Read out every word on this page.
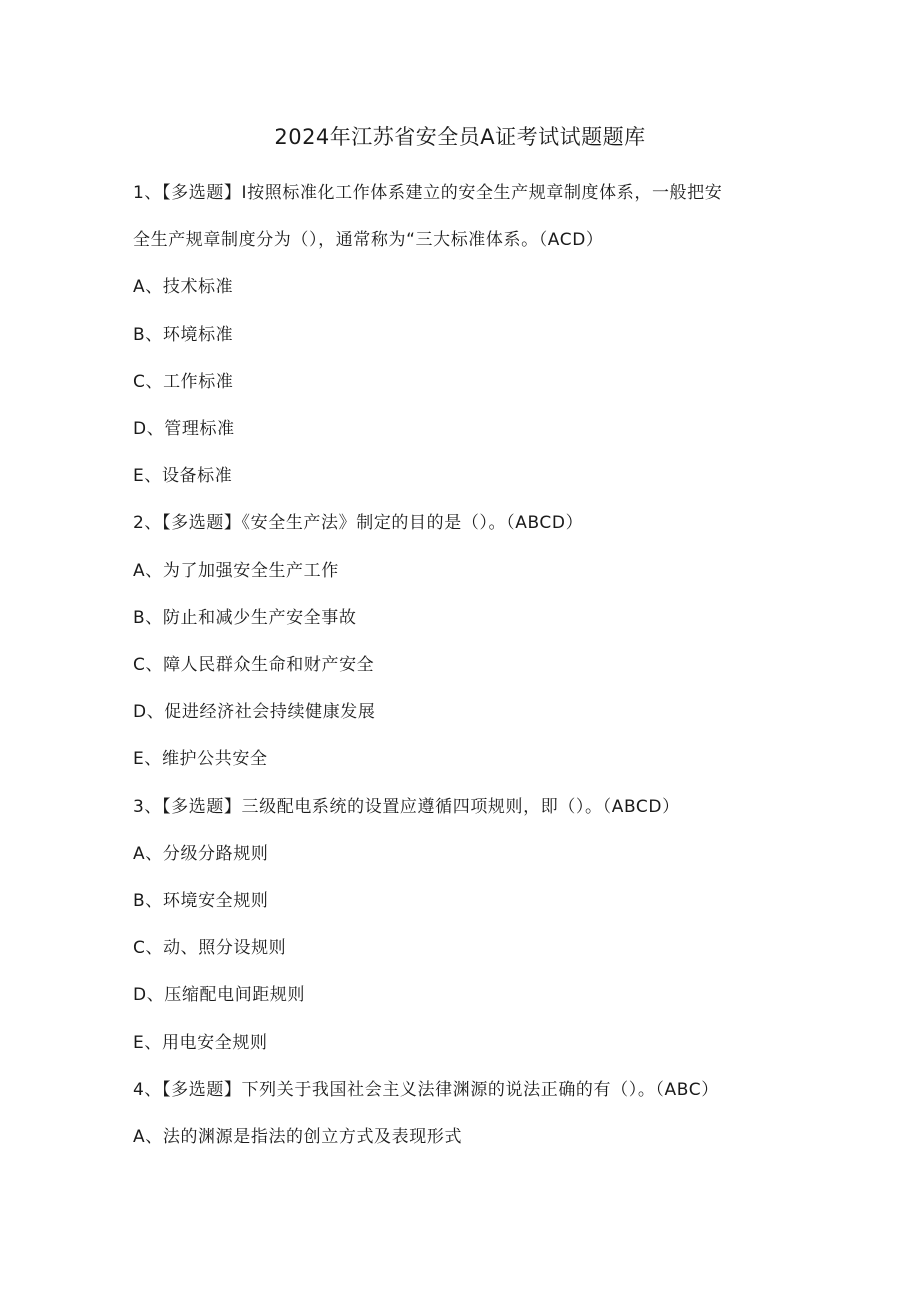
2024年江苏省安全员A证考试试题题库
1、【多选题】I按照标准化工作体系建立的安全生产规章制度体系，一般把安
全生产规章制度分为（），通常称为“三大标准体系。（ACD）
A、技术标准
B、环境标准
C、工作标准
D、管理标准
E、设备标准
2、【多选题】《安全生产法》制定的目的是（）。（ABCD）
A、为了加强安全生产工作
B、防止和减少生产安全事故
C、障人民群众生命和财产安全
D、促进经济社会持续健康发展
E、维护公共安全
3、【多选题】三级配电系统的设置应遵循四项规则，即（）。（ABCD）
A、分级分路规则
B、环境安全规则
C、动、照分设规则
D、压缩配电间距规则
E、用电安全规则
4、【多选题】下列关于我国社会主义法律渊源的说法正确的有（）。（ABC）
A、法的渊源是指法的创立方式及表现形式
